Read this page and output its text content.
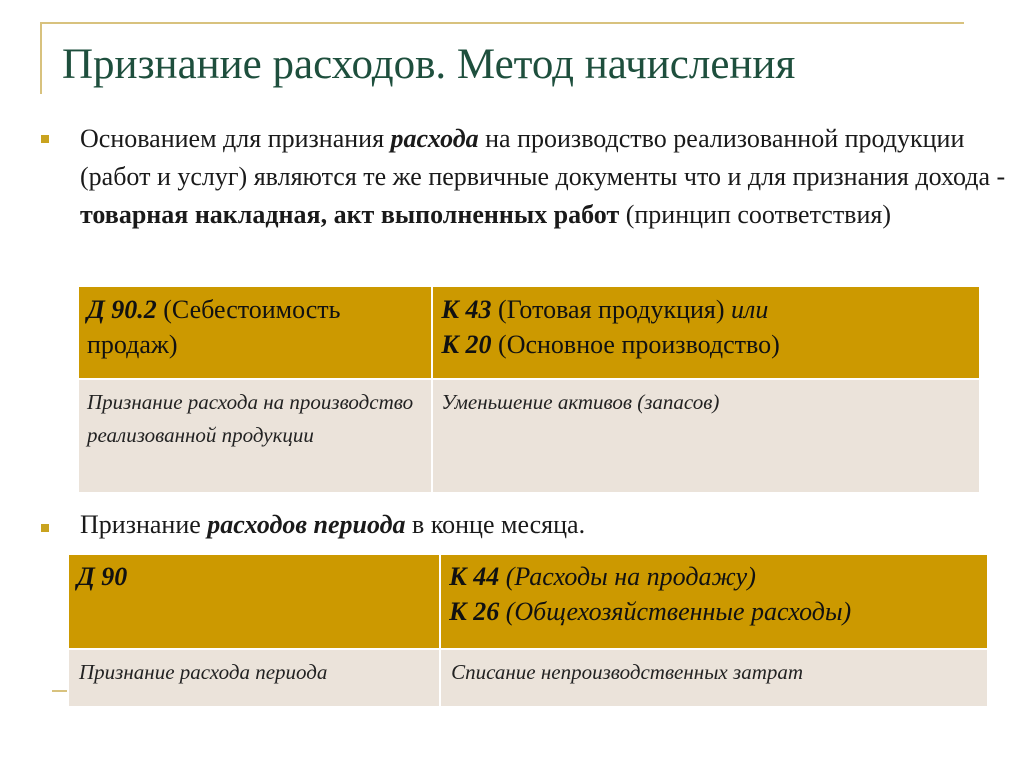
Признание расходов. Метод начисления
Основанием для признания расхода на производство реализованной продукции (работ и услуг) являются те же первичные документы что и для признания дохода - товарная накладная, акт выполненных работ (принцип соответствия)
Д 90.2 (Себестоимость продаж)	К 43 (Готовая продукция) или
К 20 (Основное производство)
Признание расхода на производство реализованной продукции	Уменьшение активов (запасов)
Признание расходов периода в конце месяца.
Д 90	К 44 (Расходы на продажу)
К 26 (Общехозяйственные расходы)
Признание расхода периода	Списание непроизводственных затрат
